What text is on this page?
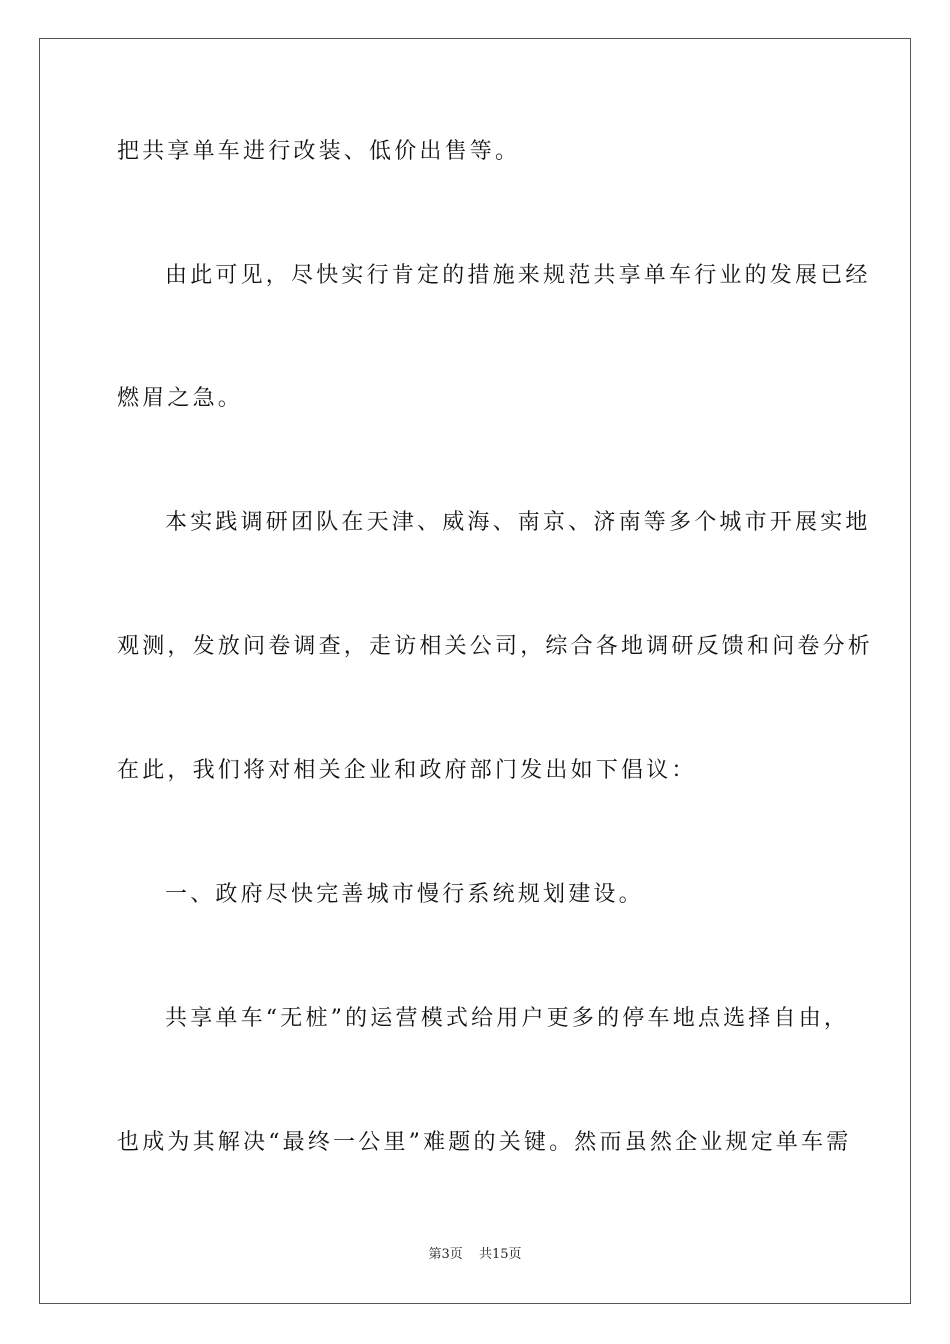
把共享单车进行改装、低价出售等。
由此可见，尽快实行肯定的措施来规范共享单车行业的发展已经
燃眉之急。
本实践调研团队在天津、威海、南京、济南等多个城市开展实地
观测，发放问卷调查，走访相关公司，综合各地调研反馈和问卷分析
在此，我们将对相关企业和政府部门发出如下倡议：
一、政府尽快完善城市慢行系统规划建设。
共享单车“无桩”的运营模式给用户更多的停车地点选择自由，
也成为其解决“最终一公里”难题的关键。然而虽然企业规定单车需
第3页 共15页
